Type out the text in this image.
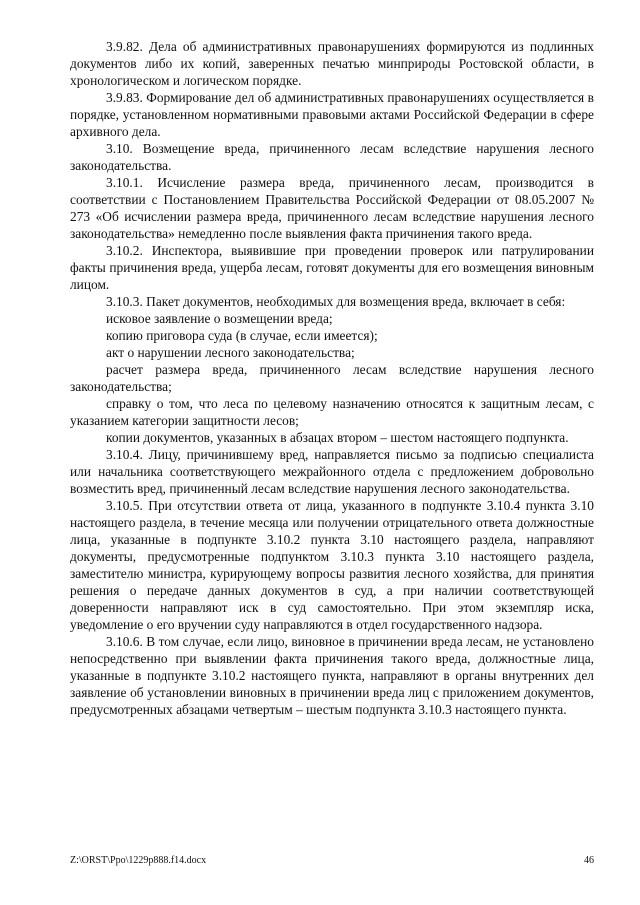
3.9.82. Дела об административных правонарушениях формируются из подлинных документов либо их копий, заверенных печатью минприроды Ростовской области, в хронологическом и логическом порядке.

3.9.83. Формирование дел об административных правонарушениях осуществляется в порядке, установленном нормативными правовыми актами Российской Федерации в сфере архивного дела.

3.10. Возмещение вреда, причиненного лесам вследствие нарушения лесного законодательства.

3.10.1. Исчисление размера вреда, причиненного лесам, производится в соответствии с Постановлением Правительства Российской Федерации от 08.05.2007 № 273 «Об исчислении размера вреда, причиненного лесам вследствие нарушения лесного законодательства» немедленно после выявления факта причинения такого вреда.

3.10.2. Инспектора, выявившие при проведении проверок или патрулировании факты причинения вреда, ущерба лесам, готовят документы для его возмещения виновным лицом.

3.10.3. Пакет документов, необходимых для возмещения вреда, включает в себя:

исковое заявление о возмещении вреда;

копию приговора суда (в случае, если имеется);

акт о нарушении лесного законодательства;

расчет размера вреда, причиненного лесам вследствие нарушения лесного законодательства;

справку о том, что леса по целевому назначению относятся к защитным лесам, с указанием категории защитности лесов;

копии документов, указанных в абзацах втором – шестом настоящего подпункта.

3.10.4. Лицу, причинившему вред, направляется письмо за подписью специалиста или начальника соответствующего межрайонного отдела с предложением добровольно возместить вред, причиненный лесам вследствие нарушения лесного законодательства.

3.10.5. При отсутствии ответа от лица, указанного в подпункте 3.10.4 пункта 3.10 настоящего раздела, в течение месяца или получении отрицательного ответа должностные лица, указанные в подпункте 3.10.2 пункта 3.10 настоящего раздела, направляют документы, предусмотренные подпунктом 3.10.3 пункта 3.10 настоящего раздела, заместителю министра, курирующему вопросы развития лесного хозяйства, для принятия решения о передаче данных документов в суд, а при наличии соответствующей доверенности направляют иск в суд самостоятельно. При этом экземпляр иска, уведомление о его вручении суду направляются в отдел государственного надзора.

3.10.6. В том случае, если лицо, виновное в причинении вреда лесам, не установлено непосредственно при выявлении факта причинения такого вреда, должностные лица, указанные в подпункте 3.10.2 настоящего пункта, направляют в органы внутренних дел заявление об установлении виновных в причинении вреда лиц с приложением документов, предусмотренных абзацами четвертым – шестым подпункта 3.10.3 настоящего пункта.

Z:\ORST\Ppo\1229p888.f14.docx	46
